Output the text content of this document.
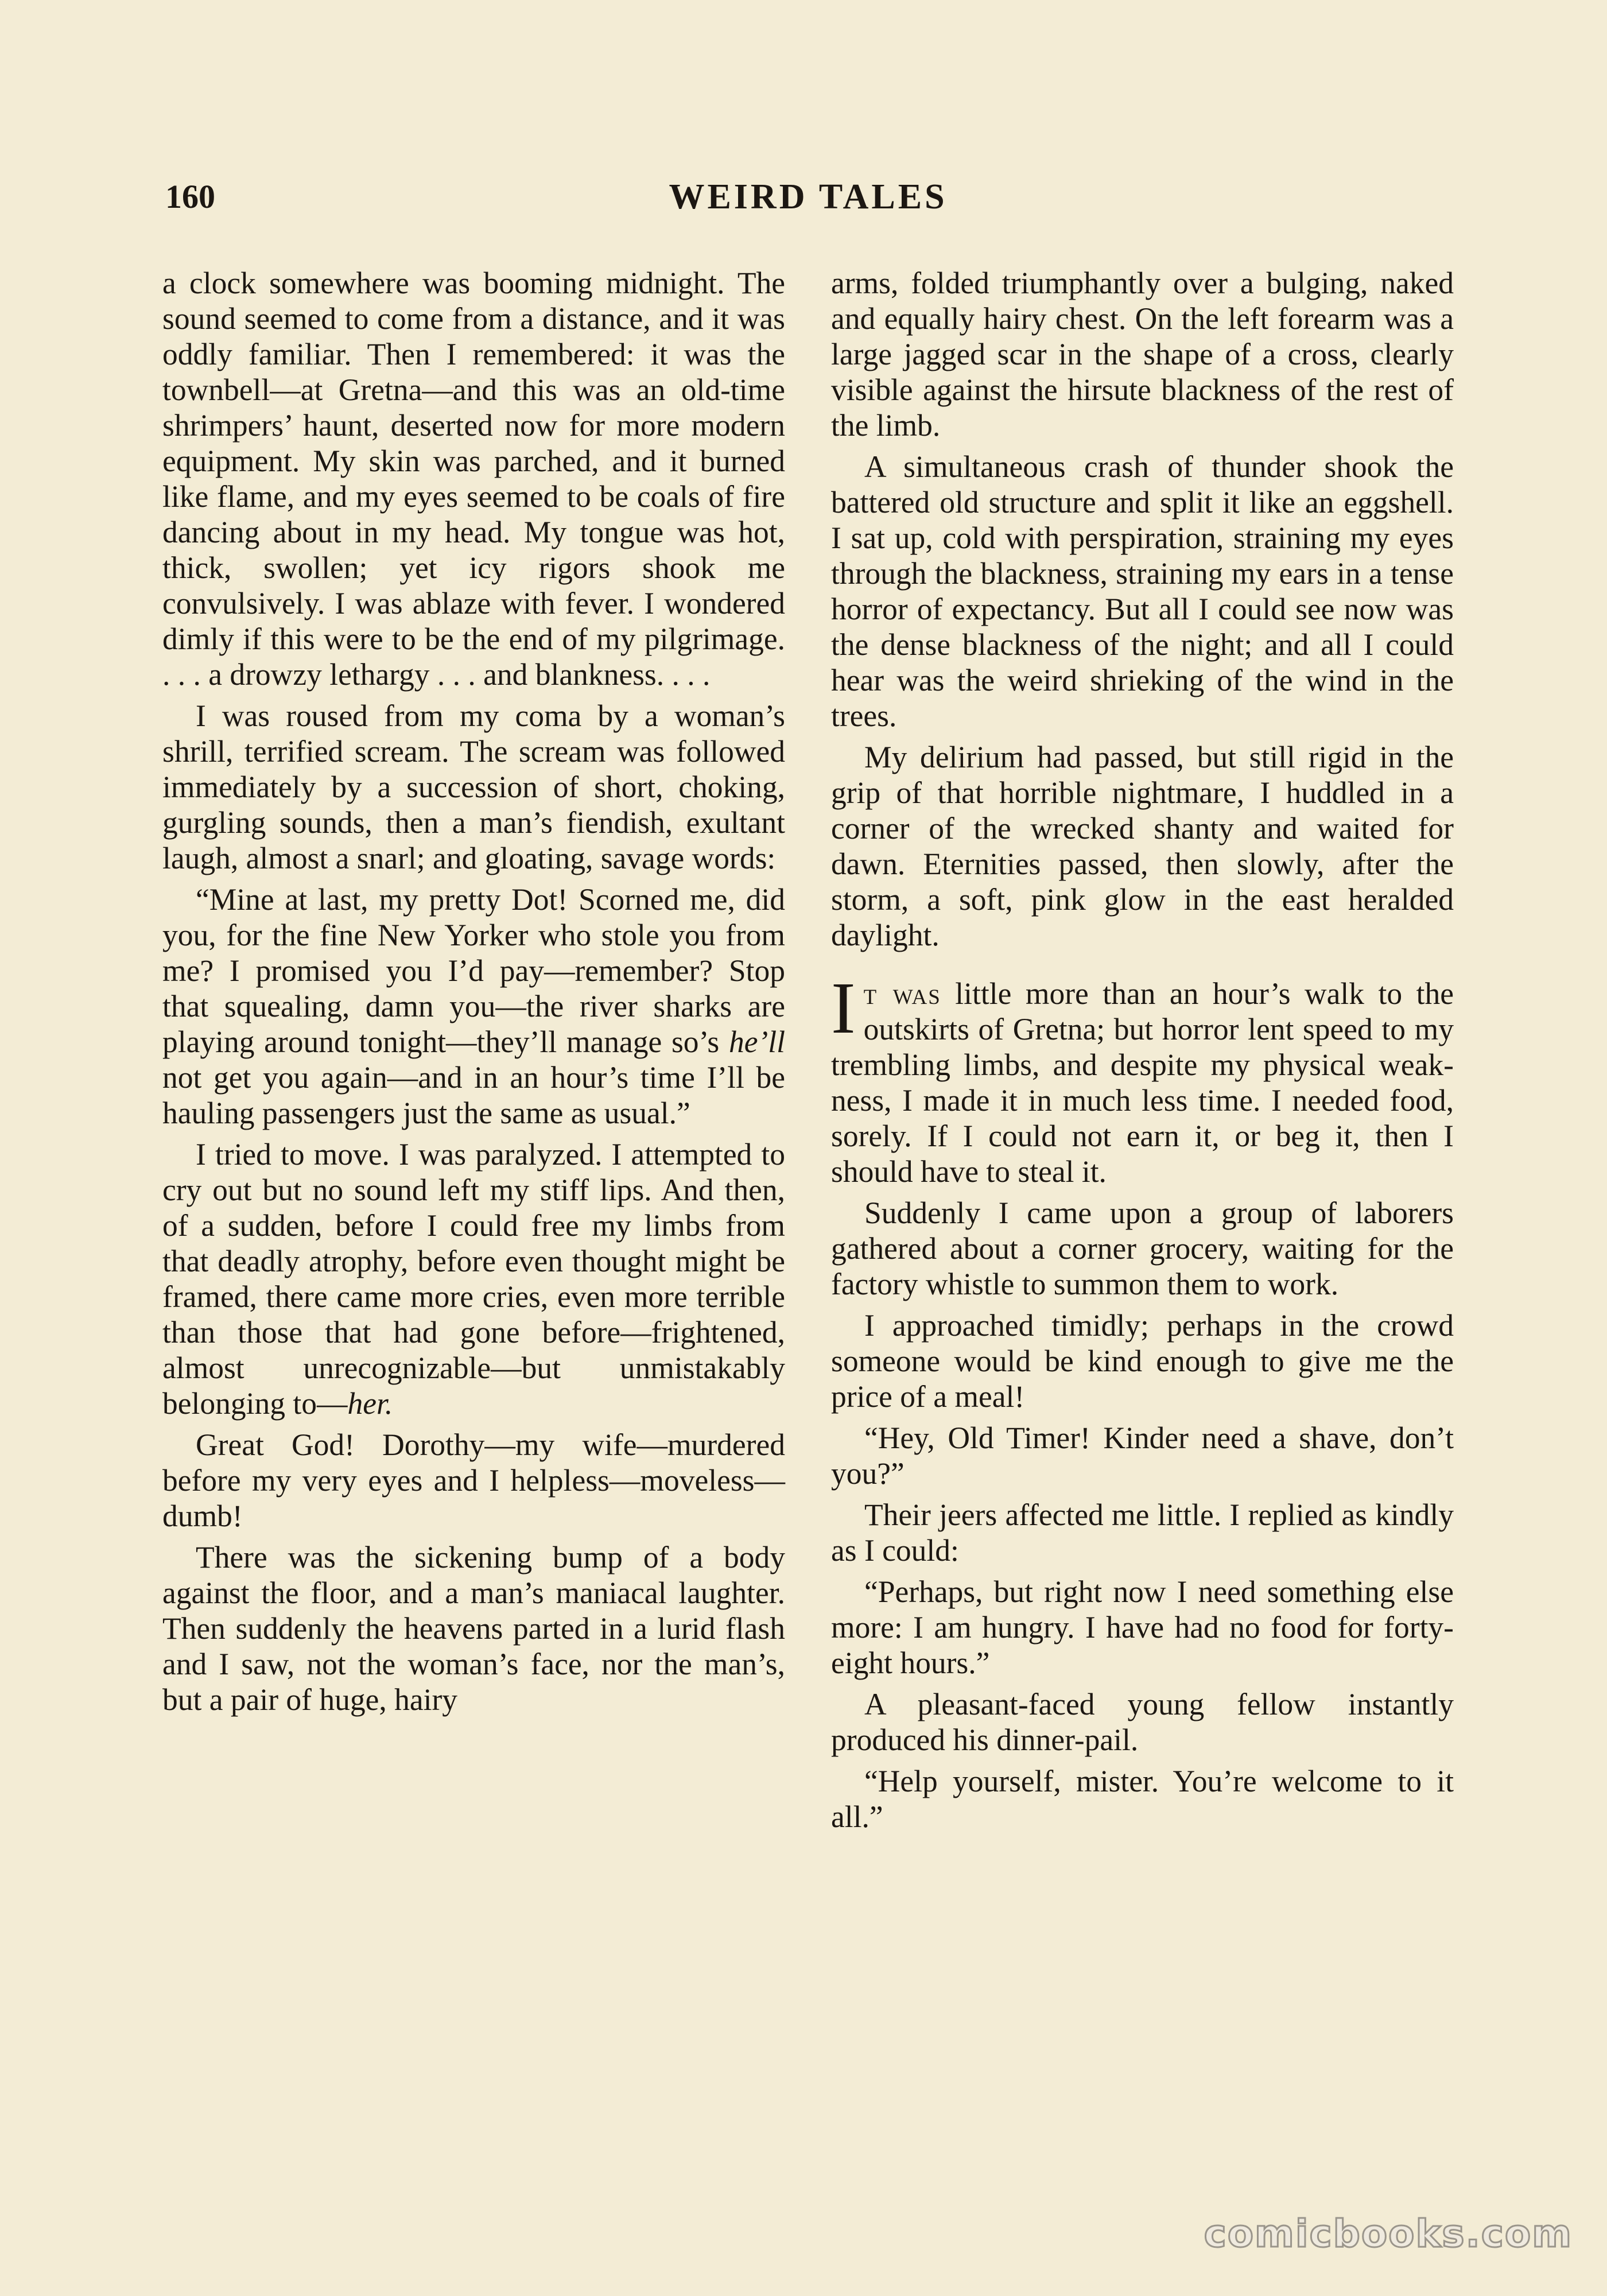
160	WEIRD TALES

a clock somewhere was booming midnight. The sound seemed to come from a distance, and it was oddly familiar. Then I remembered: it was the townbell—at Gretna—and this was an old-time shrimpers’ haunt, deserted now for more modern equipment. My skin was parched, and it burned like flame, and my eyes seemed to be coals of fire dancing about in my head. My tongue was hot, thick, swollen; yet icy rigors shook me convulsively. I was ablaze with fever. I wondered dimly if this were to be the end of my pilgrimage. . . . a drowzy lethargy . . . and blankness. . . .

I was roused from my coma by a woman’s shrill, terrified scream. The scream was followed immediately by a succession of short, choking, gurgling sounds, then a man’s fiendish, exultant laugh, almost a snarl; and gloating, savage words:

“Mine at last, my pretty Dot! Scorned me, did you, for the fine New Yorker who stole you from me? I promised you I’d pay—remember? Stop that squealing, damn you—the river sharks are playing around tonight—they’ll manage so’s he’ll not get you again—and in an hour’s time I’ll be hauling passengers just the same as usual.”

I tried to move. I was paralyzed. I attempted to cry out but no sound left my stiff lips. And then, of a sudden, before I could free my limbs from that deadly atrophy, before even thought might be framed, there came more cries, even more terrible than those that had gone before—frightened, almost unrecognizable—but unmistakably belonging to—her.

Great God! Dorothy—my wife—murdered before my very eyes and I helpless—moveless—dumb!

There was the sickening bump of a body against the floor, and a man’s maniacal laughter. Then suddenly the heavens parted in a lurid flash and I saw, not the woman’s face, nor the man’s, but a pair of huge, hairy

arms, folded triumphantly over a bulging, naked and equally hairy chest. On the left forearm was a large jagged scar in the shape of a cross, clearly visible against the hirsute blackness of the rest of the limb.

A simultaneous crash of thunder shook the battered old structure and split it like an eggshell. I sat up, cold with perspiration, straining my eyes through the blackness, straining my ears in a tense horror of expectancy. But all I could see now was the dense blackness of the night; and all I could hear was the weird shrieking of the wind in the trees.

My delirium had passed, but still rigid in the grip of that horrible nightmare, I huddled in a corner of the wrecked shanty and waited for dawn. Eternities passed, then slowly, after the storm, a soft, pink glow in the east heralded daylight.

It was little more than an hour’s walk to the outskirts of Gretna; but horror lent speed to my trembling limbs, and despite my physical weakness, I made it in much less time. I needed food, sorely. If I could not earn it, or beg it, then I should have to steal it.

Suddenly I came upon a group of laborers gathered about a corner grocery, waiting for the factory whistle to summon them to work.

I approached timidly; perhaps in the crowd someone would be kind enough to give me the price of a meal!

“Hey, Old Timer! Kinder need a shave, don’t you?”

Their jeers affected me little. I replied as kindly as I could:

“Perhaps, but right now I need something else more: I am hungry. I have had no food for forty-eight hours.”

A pleasant-faced young fellow instantly produced his dinner-pail.

“Help yourself, mister. You’re welcome to it all.”

comicbooks.com
